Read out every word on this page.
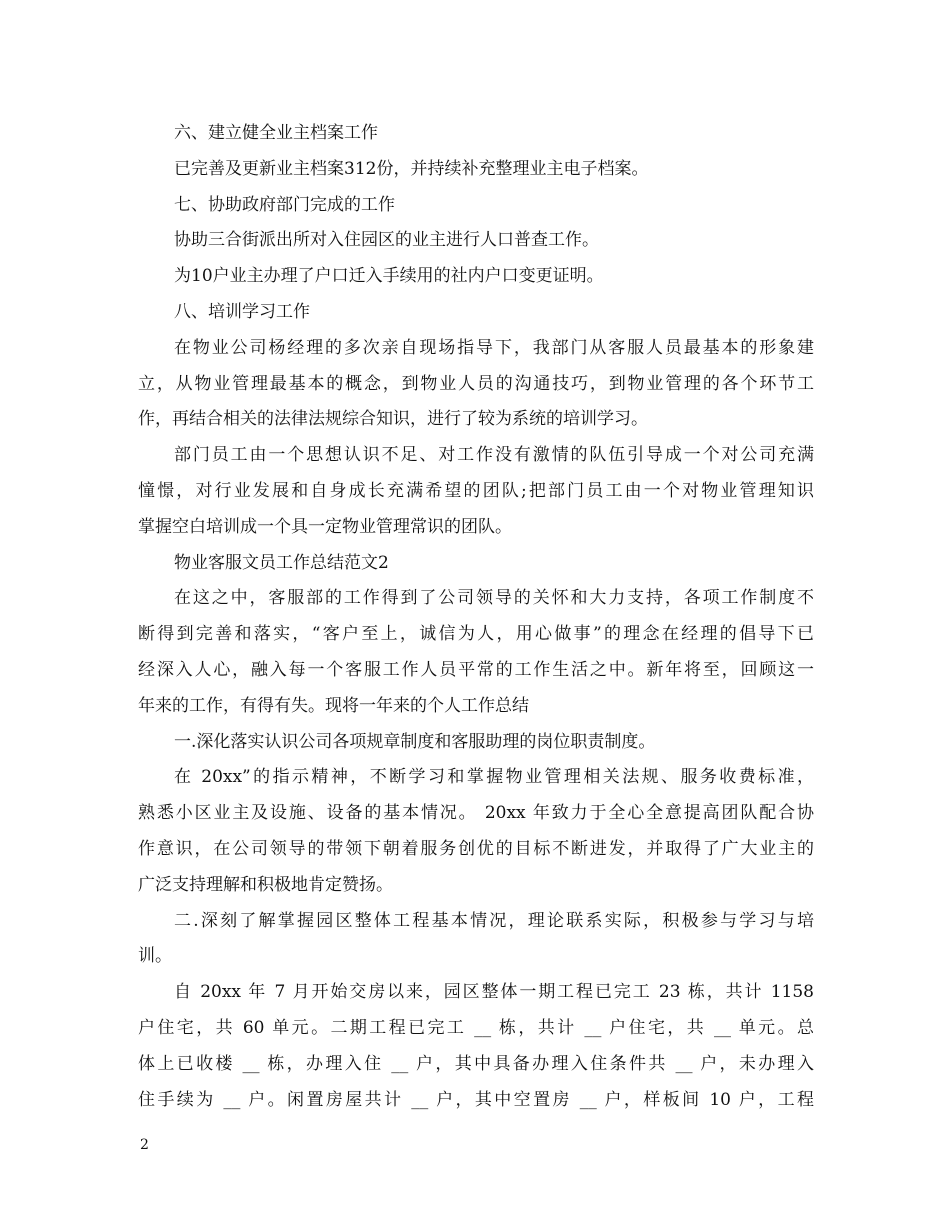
六、建立健全业主档案工作
已完善及更新业主档案312份，并持续补充整理业主电子档案。
七、协助政府部门完成的工作
协助三合街派出所对入住园区的业主进行人口普查工作。
为10户业主办理了户口迁入手续用的社内户口变更证明。
八、培训学习工作
在物业公司杨经理的多次亲自现场指导下，我部门从客服人员最基本的形象建
立，从物业管理最基本的概念，到物业人员的沟通技巧，到物业管理的各个环节工
作，再结合相关的法律法规综合知识，进行了较为系统的培训学习。
部门员工由一个思想认识不足、对工作没有激情的队伍引导成一个对公司充满
憧憬，对行业发展和自身成长充满希望的团队;把部门员工由一个对物业管理知识
掌握空白培训成一个具一定物业管理常识的团队。
物业客服文员工作总结范文2
在这之中，客服部的工作得到了公司领导的关怀和大力支持，各项工作制度不
断得到完善和落实，“客户至上，诚信为人，用心做事”的理念在经理的倡导下已
经深入人心，融入每一个客服工作人员平常的工作生活之中。新年将至，回顾这一
年来的工作，有得有失。现将一年来的个人工作总结
一.深化落实认识公司各项规章制度和客服助理的岗位职责制度。
在 20xx”的指示精神，不断学习和掌握物业管理相关法规、服务收费标准，
熟悉小区业主及设施、设备的基本情况。 20xx 年致力于全心全意提高团队配合协
作意识，在公司领导的带领下朝着服务创优的目标不断进发，并取得了广大业主的
广泛支持理解和积极地肯定赞扬。
二.深刻了解掌握园区整体工程基本情况，理论联系实际，积极参与学习与培
训。
自 20xx 年 7 月开始交房以来，园区整体一期工程已完工 23 栋，共计 1158
户住宅，共 60 单元。二期工程已完工 __ 栋，共计 __ 户住宅，共 __ 单元。总
体上已收楼 __ 栋，办理入住 __ 户，其中具备办理入住条件共 __ 户，未办理入
住手续为 __ 户。闲置房屋共计 __ 户，其中空置房 __ 户，样板间 10 户，工程
2
